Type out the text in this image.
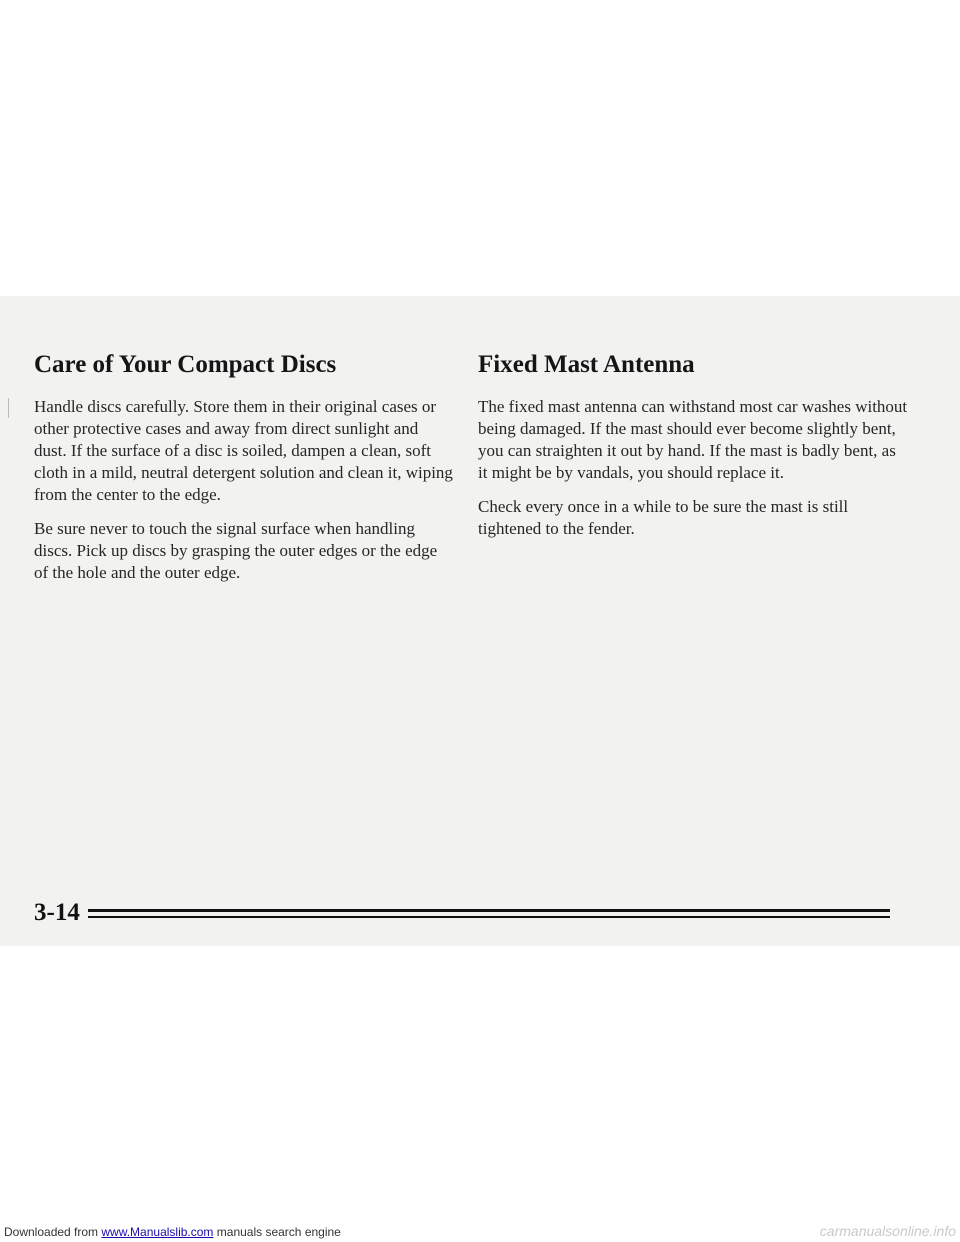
Care of Your Compact Discs

Handle discs carefully. Store them in their original cases or other protective cases and away from direct sunlight and dust. If the surface of a disc is soiled, dampen a clean, soft cloth in a mild, neutral detergent solution and clean it, wiping from the center to the edge.

Be sure never to touch the signal surface when handling discs. Pick up discs by grasping the outer edges or the edge of the hole and the outer edge.

Fixed Mast Antenna

The fixed mast antenna can withstand most car washes without being damaged. If the mast should ever become slightly bent, you can straighten it out by hand. If the mast is badly bent, as it might be by vandals, you should replace it.

Check every once in a while to be sure the mast is still tightened to the fender.

3-14
Downloaded from www.Manualslib.com manuals search engine	carmanualsonline.info
